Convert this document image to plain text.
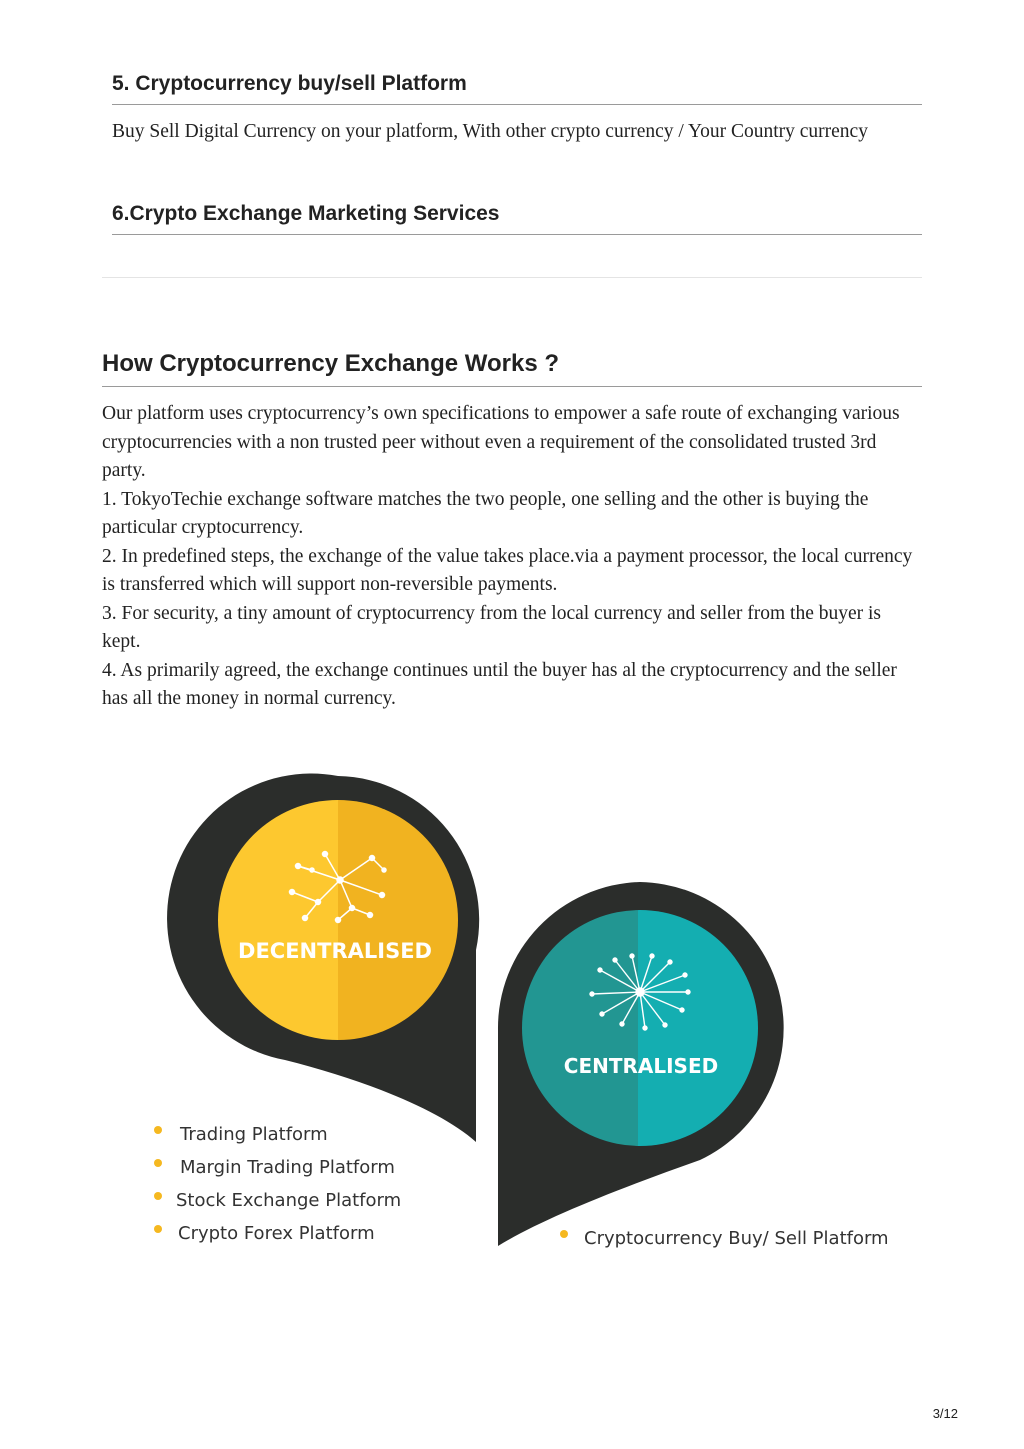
5. Cryptocurrency buy/sell Platform

Buy Sell Digital Currency on your platform, With other crypto currency / Your Country currency

6.Crypto Exchange Marketing Services
How Cryptocurrency Exchange Works ?

Our platform uses cryptocurrency’s own specifications to empower a safe route of exchanging various cryptocurrencies with a non trusted peer without even a requirement of the consolidated trusted 3rd party.

1. TokyoTechie exchange software matches the two people, one selling and the other is buying the particular cryptocurrency.

2. In predefined steps, the exchange of the value takes place.via a payment processor, the local currency is transferred which will support non-reversible payments.

3. For security, a tiny amount of cryptocurrency from the local currency and seller from the buyer is kept.

4. As primarily agreed, the exchange continues until the buyer has al the cryptocurrency and the seller has all the money in normal currency.

DECENTRALISED
CENTRALISED
Trading Platform
Margin Trading Platform
Stock Exchange Platform
Crypto Forex Platform	Cryptocurrency Buy/ Sell Platform
3/12
